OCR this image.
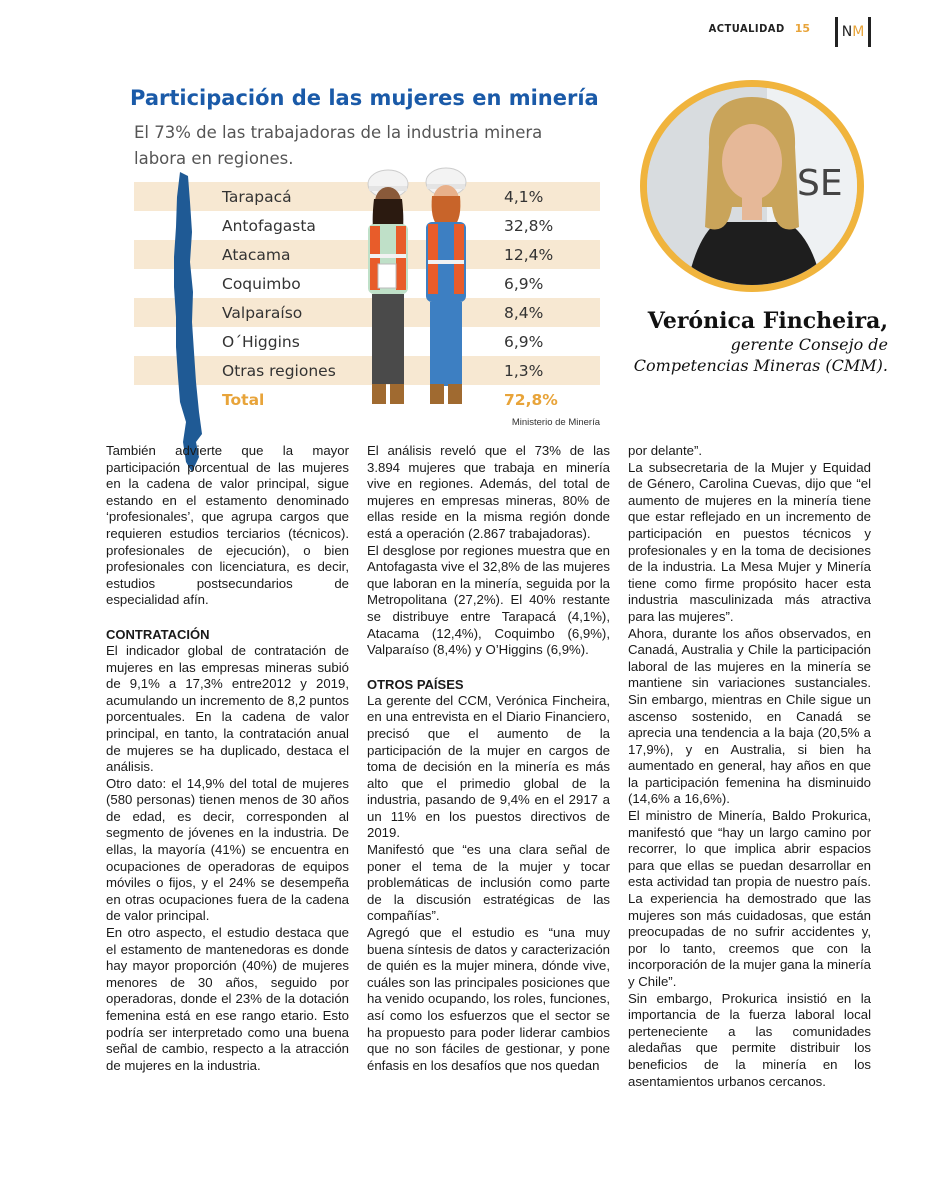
ACTUALIDAD 15 N M
Participación de las mujeres en minería
El 73% de las trabajadoras de la industria minera labora en regiones.
Tarapacá	4,1%
Antofagasta	32,8%
Atacama	12,4%
Coquimbo	6,9%
Valparaíso	8,4%
O´Higgins	6,9%
Otras regiones	1,3%
Total	72,8%
Ministerio de Minería
SE
Verónica Fincheira,
gerente Consejo de
Competencias Mineras (CMM).

También advierte que la mayor participación porcentual de las mujeres en la cadena de valor principal, sigue estando en el estamento denominado ‘profesionales’, que agrupa cargos que requieren estudios terciarios (técnicos). profesionales de ejecución), o bien profesionales con licenciatura, es decir, estudios postsecundarios de especialidad afín.

CONTRATACIÓN

El indicador global de contratación de mujeres en las empresas mineras subió de 9,1% a 17,3% entre2012 y 2019, acumulando un incremento de 8,2 puntos porcentuales. En la cadena de valor principal, en tanto, la contratación anual de mujeres se ha duplicado, destaca el análisis.

Otro dato: el 14,9% del total de mujeres (580 personas) tienen menos de 30 años de edad, es decir, corresponden al segmento de jóvenes en la industria. De ellas, la mayoría (41%) se encuentra en ocupaciones de operadoras de equipos móviles o fijos, y el 24% se desempeña en otras ocupaciones fuera de la cadena de valor principal.

En otro aspecto, el estudio destaca que el estamento de mantenedoras es donde hay mayor proporción (40%) de mujeres menores de 30 años, seguido por operadoras, donde el 23% de la dotación femenina está en ese rango etario. Esto podría ser interpretado como una buena señal de cambio, respecto a la atracción de mujeres en la industria.

El análisis reveló que el 73% de las 3.894 mujeres que trabaja en minería vive en regiones. Además, del total de mujeres en empresas mineras, 80% de ellas reside en la misma región donde está a operación (2.867 trabajadoras).

El desglose por regiones muestra que en Antofagasta vive el 32,8% de las mujeres que laboran en la minería, seguida por la Metropolitana (27,2%). El 40% restante se distribuye entre Tarapacá (4,1%), Atacama (12,4%), Coquimbo (6,9%), Valparaíso (8,4%) y O’Higgins (6,9%).

OTROS PAÍSES

La gerente del CCM, Verónica Fincheira, en una entrevista en el Diario Financiero, precisó que el aumento de la participación de la mujer en cargos de toma de decisión en la minería es más alto que el primedio global de la industria, pasando de 9,4% en el 2917 a un 11% en los puestos directivos de 2019.

Manifestó que “es una clara señal de poner el tema de la mujer y tocar problemáticas de inclusión como parte de la discusión estratégicas de las compañías”.

Agregó que el estudio es “una muy buena síntesis de datos y caracterización de quién es la mujer minera, dónde vive, cuáles son las principales posiciones que ha venido ocupando, los roles, funciones, así como los esfuerzos que el sector se ha propuesto para poder liderar cambios que no son fáciles de gestionar, y pone énfasis en los desafíos que nos quedan

por delante”.

La subsecretaria de la Mujer y Equidad de Género, Carolina Cuevas, dijo que “el aumento de mujeres en la minería tiene que estar reflejado en un incremento de participación en puestos técnicos y profesionales y en la toma de decisiones de la industria. La Mesa Mujer y Minería tiene como firme propósito hacer esta industria masculinizada más atractiva para las mujeres”.

Ahora, durante los años observados, en Canadá, Australia y Chile la participación laboral de las mujeres en la minería se mantiene sin variaciones sustanciales. Sin embargo, mientras en Chile sigue un ascenso sostenido, en Canadá se aprecia una tendencia a la baja (20,5% a 17,9%), y en Australia, si bien ha aumentado en general, hay años en que la participación femenina ha disminuido (14,6% a 16,6%).

El ministro de Minería, Baldo Prokurica, manifestó que “hay un largo camino por recorrer, lo que implica abrir espacios para que ellas se puedan desarrollar en esta actividad tan propia de nuestro país. La experiencia ha demostrado que las mujeres son más cuidadosas, que están preocupadas de no sufrir accidentes y, por lo tanto, creemos que con la incorporación de la mujer gana la minería y Chile”.

Sin embargo, Prokurica insistió en la importancia de la fuerza laboral local perteneciente a las comunidades aledañas que permite distribuir los beneficios de la minería en los asentamientos urbanos cercanos.
